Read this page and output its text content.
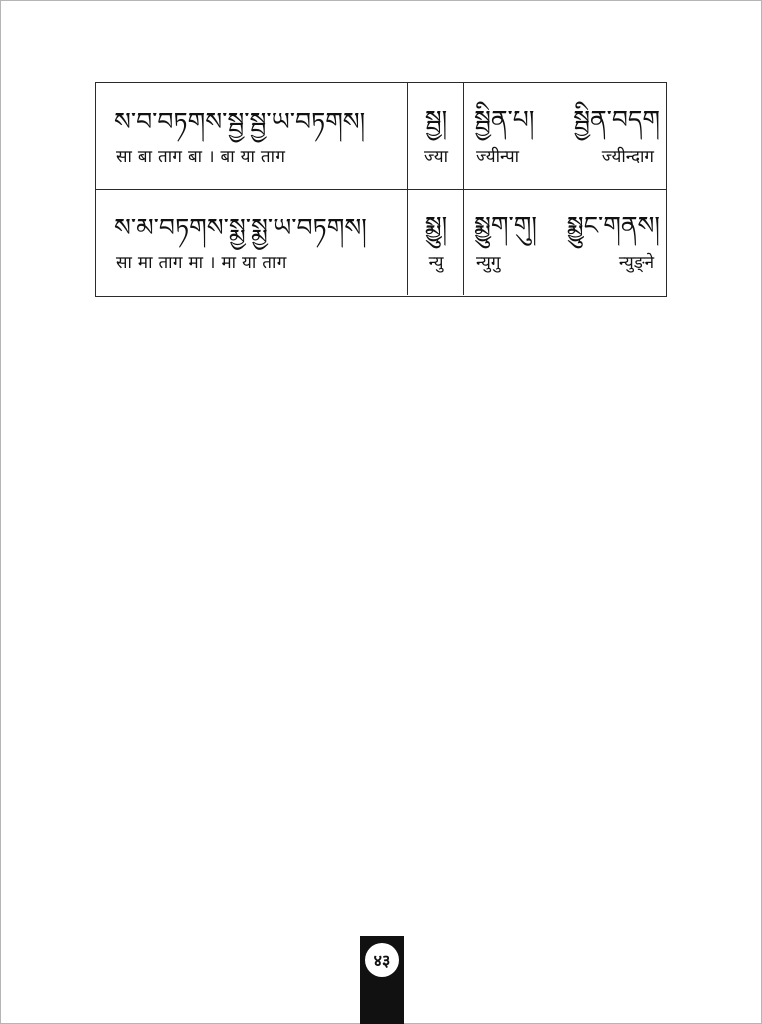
ས་བ་བཏགས་སྦྱ་སྦྱ་ཡ་བཏགས།
सा बा ताग बा । बा या ताग
སྦྱ།
ज्या
སྦྱིན་པ། སྦྱིན་བདག
ज्यीन्पा	ज्यीन्दाग
ས་མ་བཏགས་སྨྱ་སྨྱ་ཡ་བཏགས།
सा मा ताग मा । मा या ताग
སྨྱུ།
न्यु
སྨྱུག་གུ། སྨྱུང་གནས།
न्युगु	न्युङ्ने
४३
